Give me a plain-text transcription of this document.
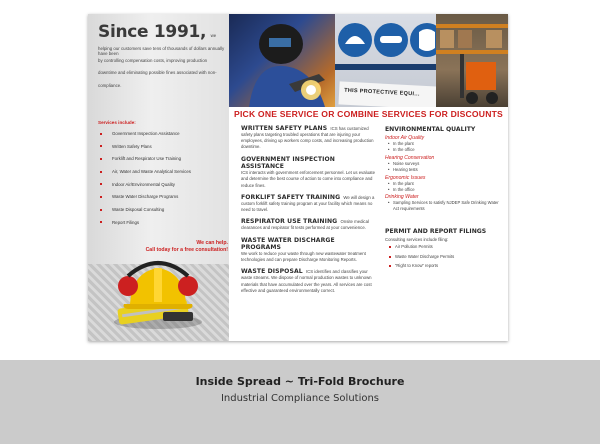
Since 1991, we have been
helping our customers save tens of thousands of dollars annually by controlling compensation costs, improving production downtime and eliminating possible fines associated with non-compliance.
Services include:
Government Inspection Assistance
Written Safety Plans
Forklift and Respirator Use Training
Air, Water and Waste Analytical Services
Indoor Air/Environmental Quality
Waste Water Discharge Programs
Waste Disposal Consulting
Report Filings
We can help.
Call today for a free consultation!
THIS PROTECTIVE EQUI...
PICK ONE SERVICE OR COMBINE SERVICES FOR DISCOUNTS
WRITTEN SAFETY PLANS ICS has customized safety plans targeting troubled operations that are injuring your employees, driving up workers comp costs, and increasing production downtime.
GOVERNMENT INSPECTION ASSISTANCE
ICS interacts with government enforcement personnel. Let us evaluate and determine the best course of action to come into compliance and reduce fines.
FORKLIFT SAFETY TRAINING We will design a custom forklift safety training program at your facility which means no need to travel.
RESPIRATOR USE TRAINING Onsite medical clearances and respirator fit tests performed at your convenience.
WASTE WATER DISCHARGE PROGRAMS
We work to reduce your waste through new wastewater treatment technologies and can prepare Discharge Monitoring Reports.
WASTE DISPOSAL ICS identifies and classifies your waste streams. We dispose of normal production wastes to unknown materials that have accumulated over the years. All services are cost effective and guaranteed environmentally correct.
ENVIRONMENTAL QUALITY
Indoor Air Quality
• In the plant
• In the office
Hearing Conservation
• Noise surveys
• Hearing tests
Ergonomic Issues
• In the plant
• In the office
Drinking Water
• Sampling Services to satisfy NJDEP Safe Drinking Water Act requirements
PERMIT AND REPORT FILINGS
Consulting services include filing:
Air Pollution Permits
Waste Water Discharge Permits
“Right to Know” reports
Inside Spread ~ Tri-Fold Brochure
Industrial Compliance Solutions
